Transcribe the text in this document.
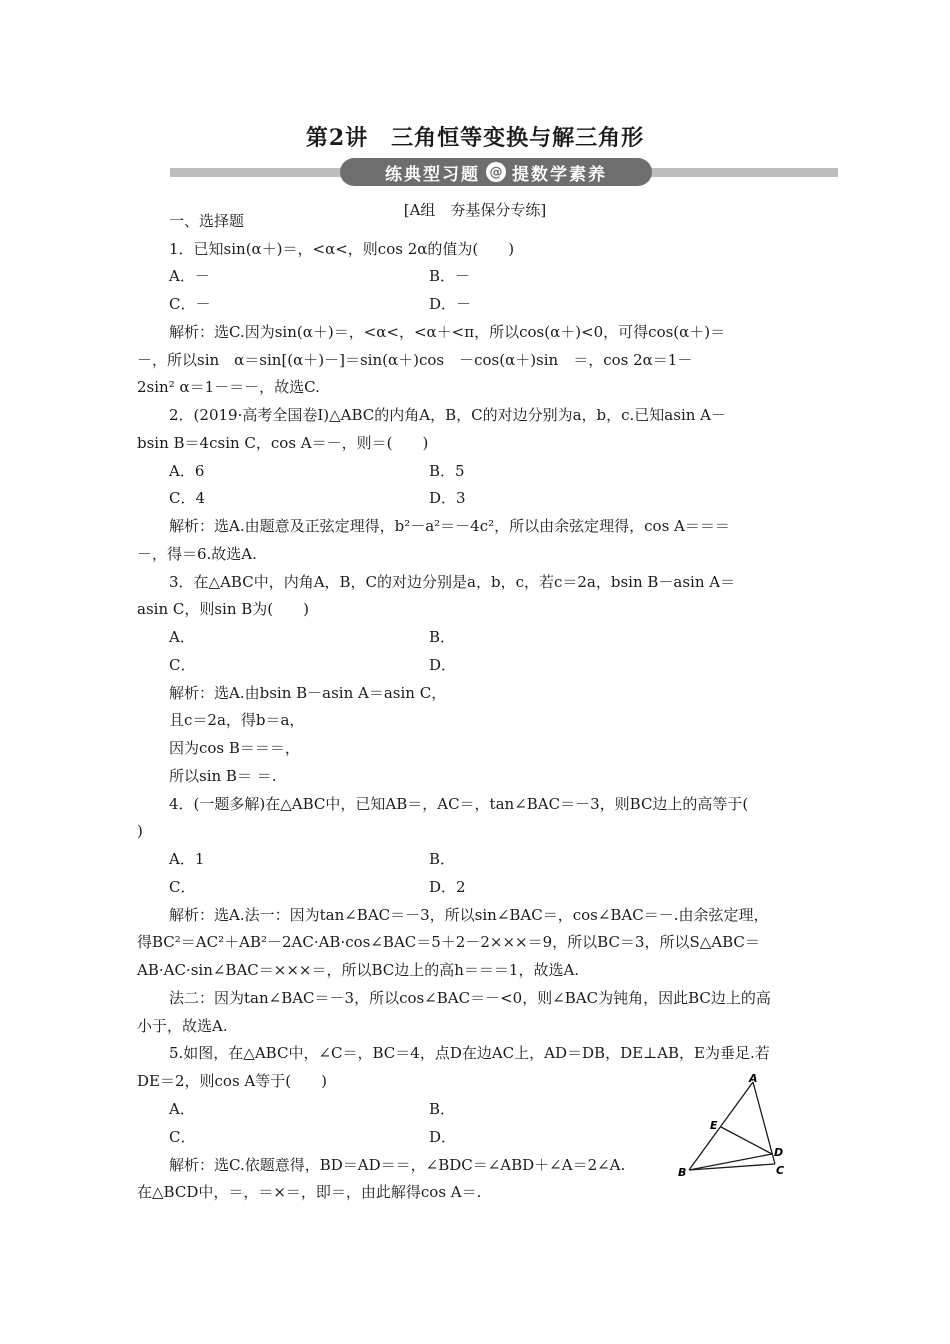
第2讲　三角恒等变换与解三角形
练典型习题 @ 提数学素养
[A组　夯基保分专练]
一、选择题
1．已知sin(α＋)＝，<α<，则cos 2α的值为(　　)
A．－	B．－
C．－	D．－
解析：选C.因为sin(α＋)＝，<α<，<α＋<π，所以cos(α＋)<0，可得cos(α＋)＝
－，所以sin　α＝sin[(α＋)－]＝sin(α＋)cos　－cos(α＋)sin　＝，cos 2α＝1－
2sin² α＝1－＝－，故选C.
2．(2019·高考全国卷Ⅰ)△ABC的内角A，B，C的对边分别为a，b，c.已知asin A－
bsin B＝4csin C，cos A＝－，则＝(　　)
A．6	B．5
C．4	D．3
解析：选A.由题意及正弦定理得，b²－a²＝－4c²，所以由余弦定理得，cos A＝＝＝
－，得＝6.故选A.
3．在△ABC中，内角A，B，C的对边分别是a，b，c，若c＝2a，bsin B－asin A＝
asin C，则sin B为(　　)
A．	B．
C．	D．
解析：选A.由bsin B－asin A＝asin C，
且c＝2a，得b＝a，
因为cos B＝＝＝，
所以sin B＝ ＝.
4．(一题多解)在△ABC中，已知AB＝，AC＝，tan∠BAC＝－3，则BC边上的高等于(
)
A．1	B．
C．	D．2
解析：选A.法一：因为tan∠BAC＝－3，所以sin∠BAC＝，cos∠BAC＝－.由余弦定理，
得BC²＝AC²＋AB²－2AC·AB·cos∠BAC＝5＋2－2×××＝9，所以BC＝3，所以S△ABC＝
AB·AC·sin∠BAC＝×××＝，所以BC边上的高h＝＝＝1，故选A.
法二：因为tan∠BAC＝－3，所以cos∠BAC＝－<0，则∠BAC为钝角，因此BC边上的高
小于，故选A.
5.如图，在△ABC中，∠C＝，BC＝4，点D在边AC上，AD＝DB，DE⊥AB，E为垂足.若
DE＝2，则cos A等于(　　)
A．	B．
C．	D．
解析：选C.依题意得，BD＝AD＝＝，∠BDC＝∠ABD＋∠A＝2∠A.
在△BCD中，＝，＝×＝，即＝，由此解得cos A＝.
A
B	C
D
E
